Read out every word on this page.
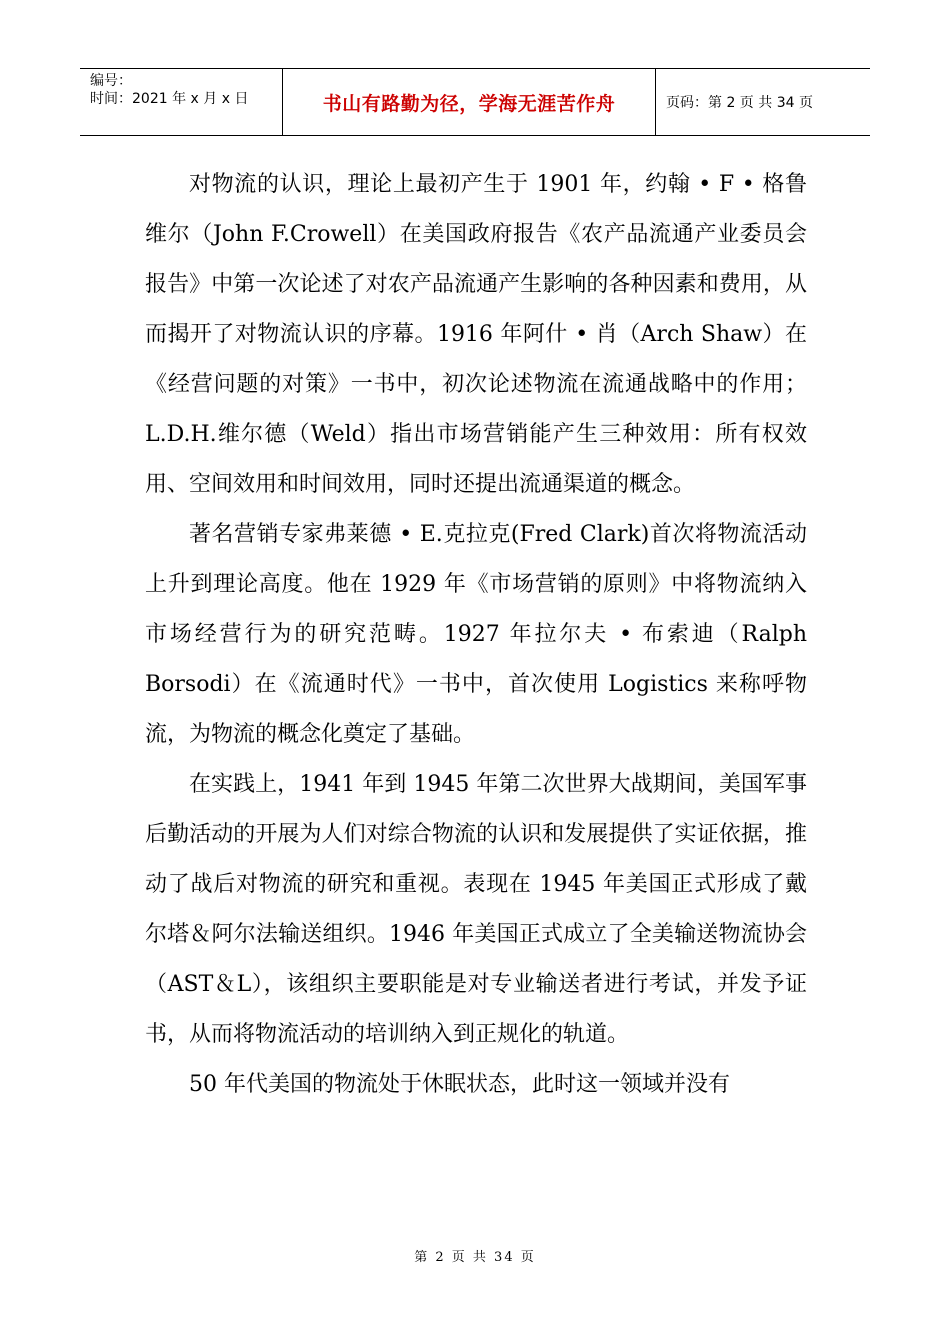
编号：
时间：2021 年 x 月 x 日	书山有路勤为径，学海无涯苦作舟	页码：第 2 页 共 34 页

对物流的认识，理论上最初产生于 1901 年，约翰 • F • 格鲁维尔（John F.Crowell）在美国政府报告《农产品流通产业委员会报告》中第一次论述了对农产品流通产生影响的各种因素和费用，从而揭开了对物流认识的序幕。1916 年阿什 • 肖（Arch Shaw）在《经营问题的对策》一书中，初次论述物流在流通战略中的作用；L.D.H.维尔德（Weld）指出市场营销能产生三种效用：所有权效用、空间效用和时间效用，同时还提出流通渠道的概念。

著名营销专家弗莱德 • E.克拉克(Fred Clark)首次将物流活动上升到理论高度。他在 1929 年《市场营销的原则》中将物流纳入市场经营行为的研究范畴。1927 年拉尔夫 • 布索迪（Ralph Borsodi）在《流通时代》一书中，首次使用 Logistics 来称呼物流，为物流的概念化奠定了基础。

在实践上，1941 年到 1945 年第二次世界大战期间，美国军事后勤活动的开展为人们对综合物流的认识和发展提供了实证依据，推动了战后对物流的研究和重视。表现在 1945 年美国正式形成了戴尔塔＆阿尔法输送组织。1946 年美国正式成立了全美输送物流协会（AST＆L），该组织主要职能是对专业输送者进行考试，并发予证书，从而将物流活动的培训纳入到正规化的轨道。

50 年代美国的物流处于休眠状态，此时这一领域并没有

第 2 页 共 34 页
